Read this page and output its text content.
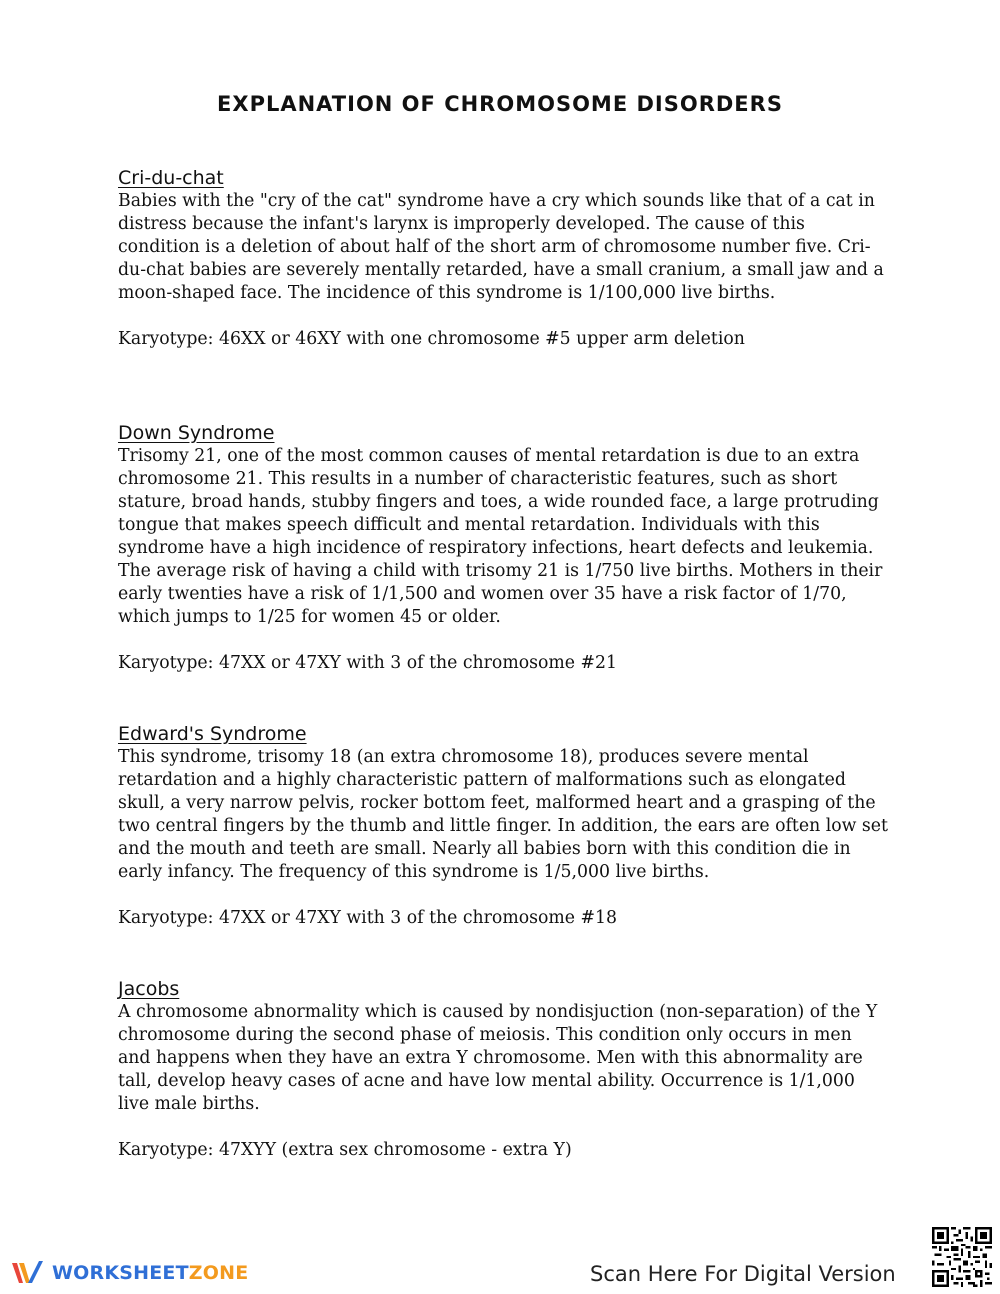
EXPLANATION OF CHROMOSOME DISORDERS
Cri-du-chat

Babies with the "cry of the cat" syndrome have a cry which sounds like that of a cat in distress because the infant's larynx is improperly developed. The cause of this condition is a deletion of about half of the short arm of chromosome number five. Cri-du-chat babies are severely mentally retarded, have a small cranium, a small jaw and a moon-shaped face. The incidence of this syndrome is 1/100,000 live births.

Karyotype: 46XX or 46XY with one chromosome #5 upper arm deletion

Down Syndrome

Trisomy 21, one of the most common causes of mental retardation is due to an extra chromosome 21. This results in a number of characteristic features, such as short stature, broad hands, stubby fingers and toes, a wide rounded face, a large protruding tongue that makes speech difficult and mental retardation. Individuals with this syndrome have a high incidence of respiratory infections, heart defects and leukemia. The average risk of having a child with trisomy 21 is 1/750 live births. Mothers in their early twenties have a risk of 1/1,500 and women over 35 have a risk factor of 1/70, which jumps to 1/25 for women 45 or older.

Karyotype: 47XX or 47XY with 3 of the chromosome #21

Edward's Syndrome

This syndrome, trisomy 18 (an extra chromosome 18), produces severe mental retardation and a highly characteristic pattern of malformations such as elongated skull, a very narrow pelvis, rocker bottom feet, malformed heart and a grasping of the two central fingers by the thumb and little finger. In addition, the ears are often low set and the mouth and teeth are small. Nearly all babies born with this condition die in early infancy. The frequency of this syndrome is 1/5,000 live births.

Karyotype: 47XX or 47XY with 3 of the chromosome #18

Jacobs

A chromosome abnormality which is caused by nondisjuction (non-separation) of the Y chromosome during the second phase of meiosis. This condition only occurs in men and happens when they have an extra Y chromosome. Men with this abnormality are tall, develop heavy cases of acne and have low mental ability. Occurrence is 1/1,000 live male births.

Karyotype: 47XYY (extra sex chromosome - extra Y)

WORKSHEETZONE	Scan Here For Digital Version
